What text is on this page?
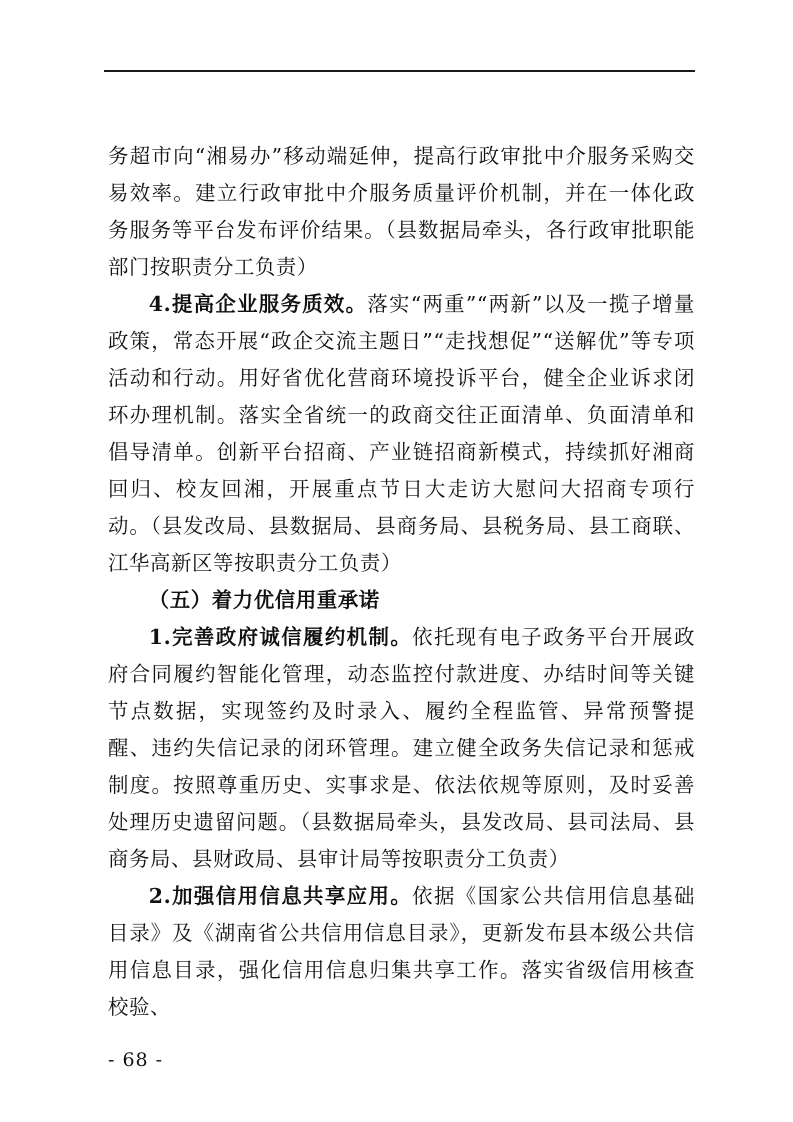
务超市向“湘易办”移动端延伸，提高行政审批中介服务采购交易效率。建立行政审批中介服务质量评价机制，并在一体化政务服务等平台发布评价结果。（县数据局牵头，各行政审批职能部门按职责分工负责）

4.提高企业服务质效。落实“两重”“两新”以及一揽子增量政策，常态开展“政企交流主题日”“走找想促”“送解优”等专项活动和行动。用好省优化营商环境投诉平台，健全企业诉求闭环办理机制。落实全省统一的政商交往正面清单、负面清单和倡导清单。创新平台招商、产业链招商新模式，持续抓好湘商回归、校友回湘，开展重点节日大走访大慰问大招商专项行动。（县发改局、县数据局、县商务局、县税务局、县工商联、江华高新区等按职责分工负责）

（五）着力优信用重承诺

1.完善政府诚信履约机制。依托现有电子政务平台开展政府合同履约智能化管理，动态监控付款进度、办结时间等关键节点数据，实现签约及时录入、履约全程监管、异常预警提醒、违约失信记录的闭环管理。建立健全政务失信记录和惩戒制度。按照尊重历史、实事求是、依法依规等原则，及时妥善处理历史遗留问题。（县数据局牵头，县发改局、县司法局、县商务局、县财政局、县审计局等按职责分工负责）

2.加强信用信息共享应用。依据《国家公共信用信息基础目录》及《湖南省公共信用信息目录》，更新发布县本级公共信用信息目录，强化信用信息归集共享工作。落实省级信用核查校验、

- 68 -
